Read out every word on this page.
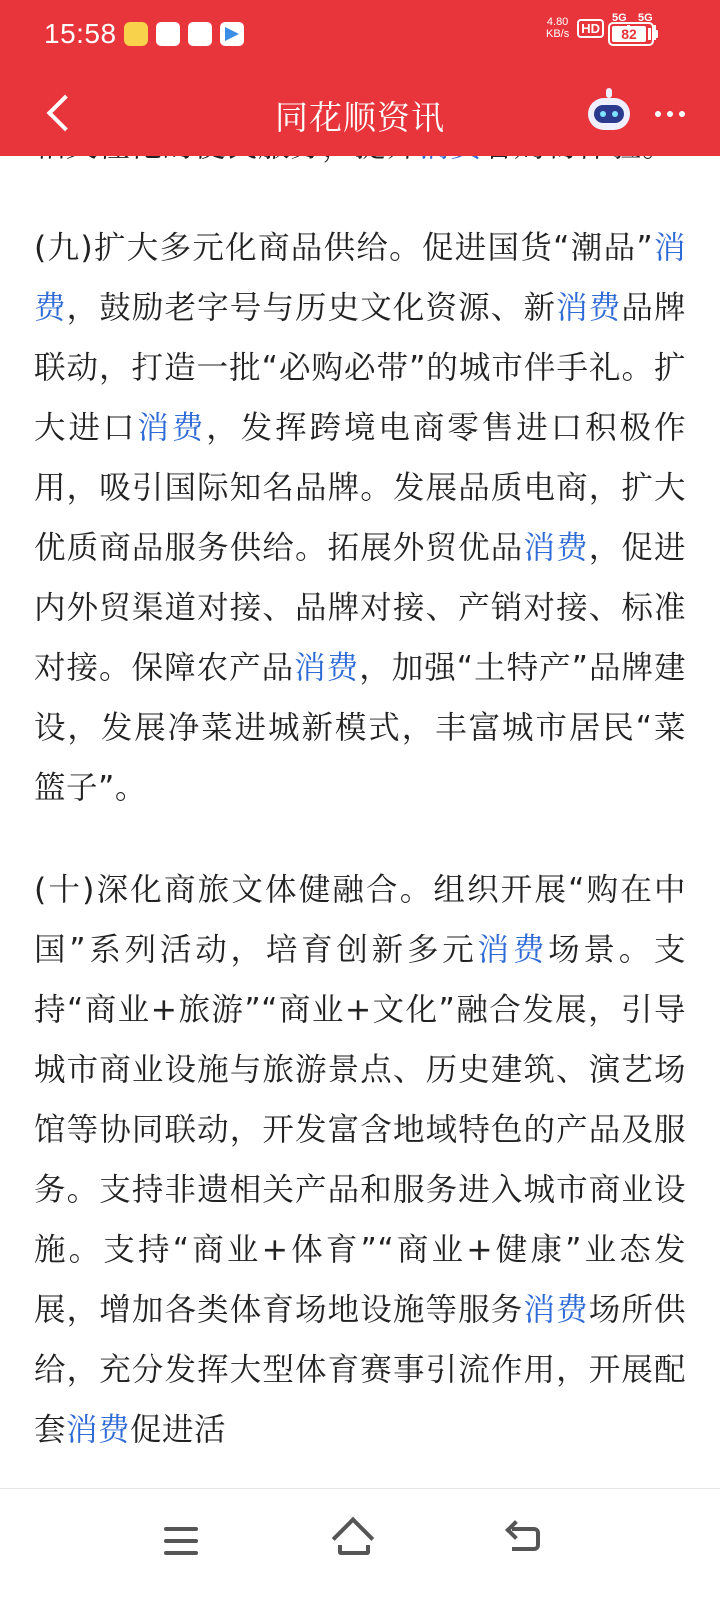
15:58	4.80
KB/s HD
5G 5G
82
同花顺资讯

(九)扩大多元化商品供给。促进国货“潮品”消费，鼓励老字号与历史文化资源、新消费品牌联动，打造一批“必购必带”的城市伴手礼。扩大进口消费，发挥跨境电商零售进口积极作用，吸引国际知名品牌。发展品质电商，扩大优质商品服务供给。拓展外贸优品消费，促进内外贸渠道对接、品牌对接、产销对接、标准对接。保障农产品消费，加强“土特产”品牌建设，发展净菜进城新模式，丰富城市居民“菜篮子”。

(十)深化商旅文体健融合。组织开展“购在中国”系列活动，培育创新多元消费场景。支持“商业+旅游”“商业+文化”融合发展，引导城市商业设施与旅游景点、历史建筑、演艺场馆等协同联动，开发富含地域特色的产品及服务。支持非遗相关产品和服务进入城市商业设施。支持“商业+体育”“商业+健康”业态发展，增加各类体育场地设施等服务消费场所供给，充分发挥大型体育赛事引流作用，开展配套消费促进活
